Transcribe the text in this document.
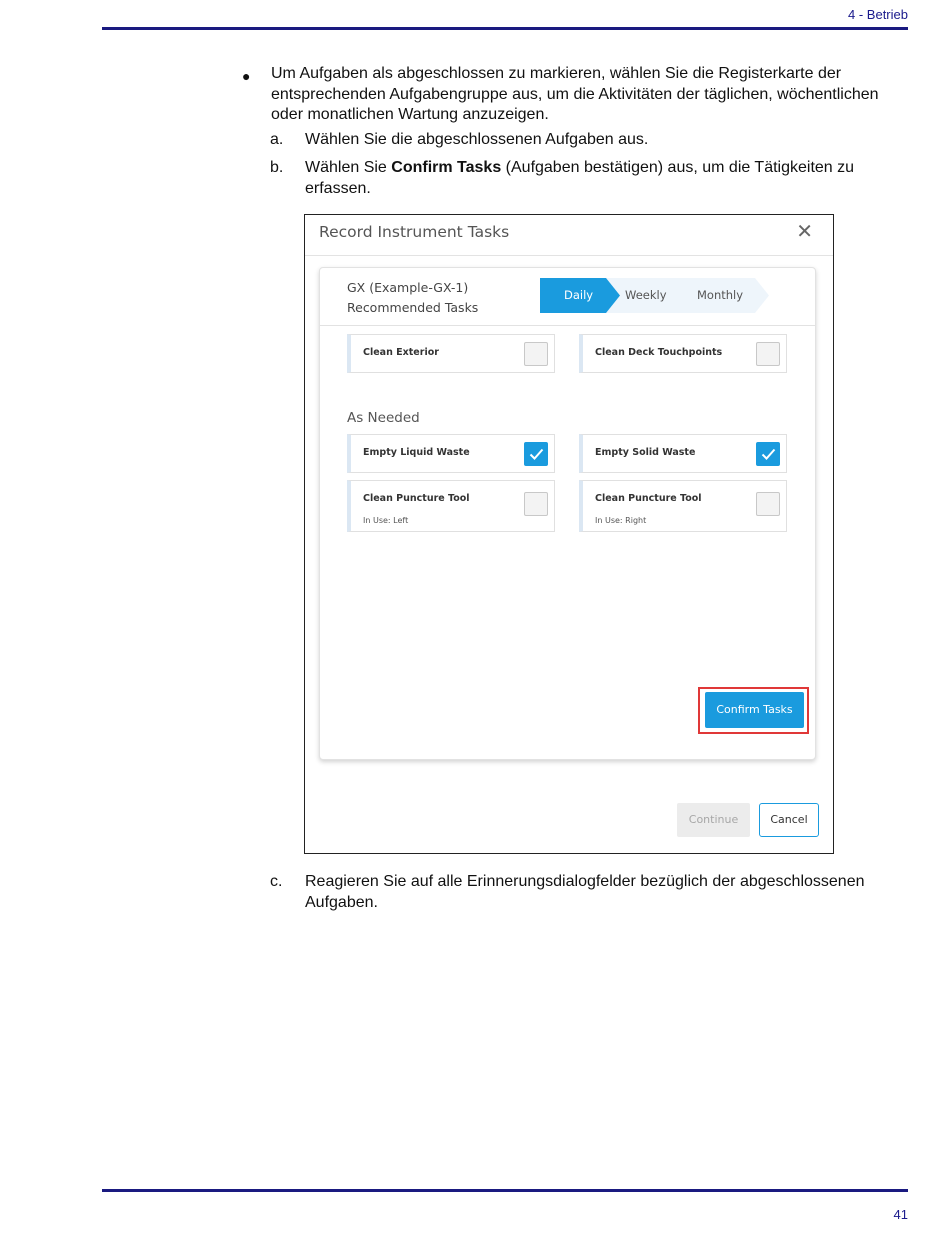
4 - Betrieb
● Um Aufgaben als abgeschlossen zu markieren, wählen Sie die Registerkarte der entsprechenden Aufgabengruppe aus, um die Aktivitäten der täglichen, wöchentlichen oder monatlichen Wartung anzuzeigen.
a. Wählen Sie die abgeschlossenen Aufgaben aus.
b. Wählen Sie Confirm Tasks (Aufgaben bestätigen) aus, um die Tätigkeiten zu erfassen.
Record Instrument Tasks	✕
GX (Example-GX-1)
Recommended Tasks
Daily	Weekly	Monthly
Clean Exterior	Clean Deck Touchpoints
As Needed
Empty Liquid Waste	Empty Solid Waste
Clean Puncture Tool
In Use: Left
Clean Puncture Tool
In Use: Right
Confirm Tasks
Continue	Cancel
c. Reagieren Sie auf alle Erinnerungsdialogfelder bezüglich der abgeschlossenen Aufgaben.
41
